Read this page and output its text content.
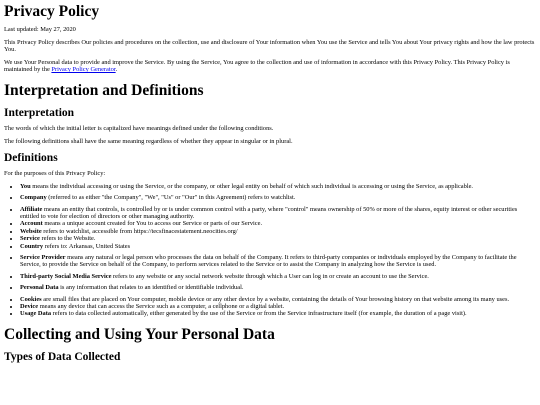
Privacy Policy

Last updated: May 27, 2020

This Privacy Policy describes Our policies and procedures on the collection, use and disclosure of Your information when You use the Service and tells You about Your privacy rights and how the law protects You.

We use Your Personal data to provide and improve the Service. By using the Service, You agree to the collection and use of information in accordance with this Privacy Policy. This Privacy Policy is maintained by the Privacy Policy Generator.

Interpretation and Definitions
Interpretation

The words of which the initial letter is capitalized have meanings defined under the following conditions.

The following definitions shall have the same meaning regardless of whether they appear in singular or in plural.

Definitions

For the purposes of this Privacy Policy:

• You means the individual accessing or using the Service, or the company, or other legal entity on behalf of which such individual is accessing or using the Service, as applicable.
• Company (referred to as either "the Company", "We", "Us" or "Our" in this Agreement) refers to watchlist.
• Affiliate means an entity that controls, is controlled by or is under common control with a party, where "control" means ownership of 50% or more of the shares, equity interest or other securities entitled to vote for election of directors or other managing authority.
• Account means a unique account created for You to access our Service or parts of our Service.
• Website refers to watchlist, accessible from https://tecsfinacestatement.neocities.org/
• Service refers to the Website.
• Country refers to: Arkansas, United States
• Service Provider means any natural or legal person who processes the data on behalf of the Company. It refers to third-party companies or individuals employed by the Company to facilitate the Service, to provide the Service on behalf of the Company, to perform services related to the Service or to assist the Company in analyzing how the Service is used.
• Third-party Social Media Service refers to any website or any social network website through which a User can log in or create an account to use the Service.
• Personal Data is any information that relates to an identified or identifiable individual.
• Cookies are small files that are placed on Your computer, mobile device or any other device by a website, containing the details of Your browsing history on that website among its many uses.
• Device means any device that can access the Service such as a computer, a cellphone or a digital tablet.
• Usage Data refers to data collected automatically, either generated by the use of the Service or from the Service infrastructure itself (for example, the duration of a page visit).
Collecting and Using Your Personal Data
Types of Data Collected
